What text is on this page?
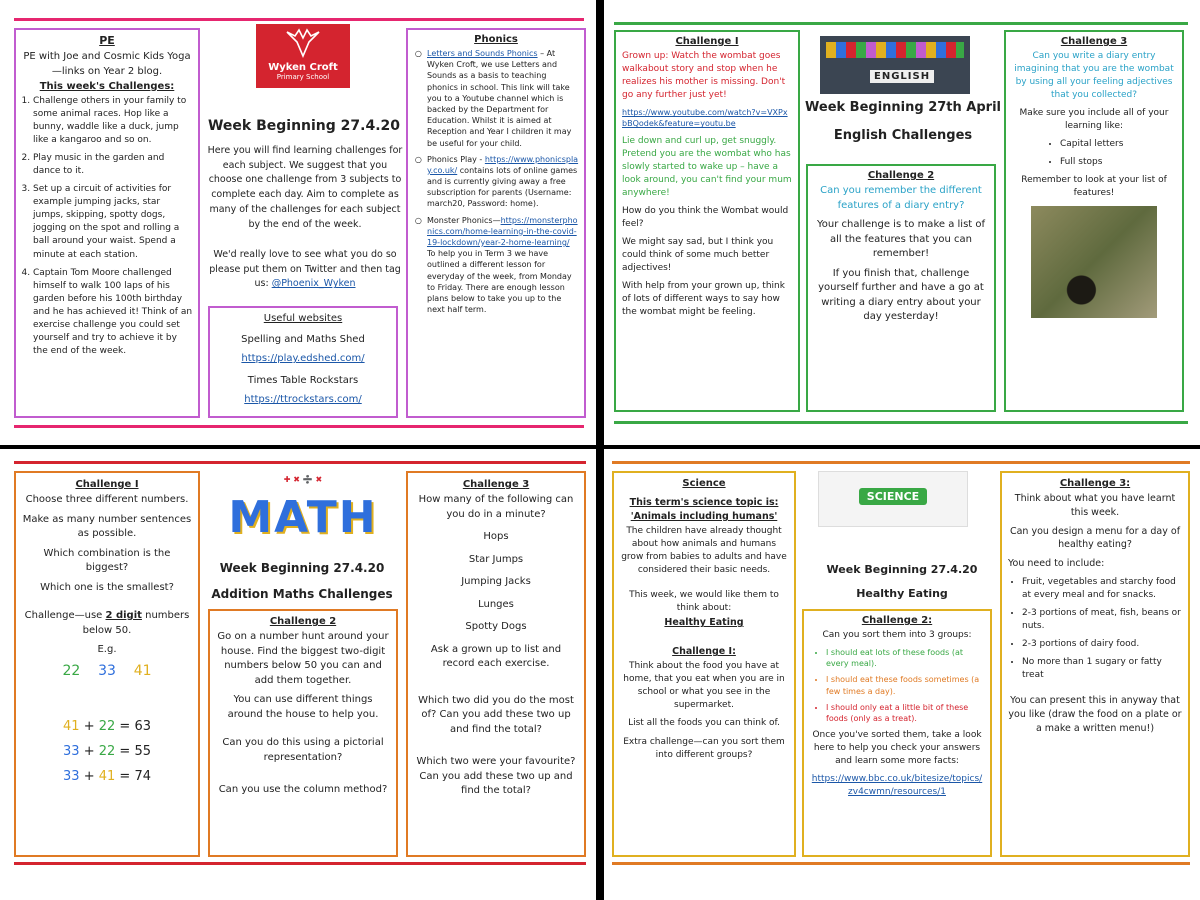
PE
PE with Joe and Cosmic Kids Yoga—links on Year 2 blog.
This week's Challenges:
1. Challenge others in your family to some animal races. Hop like a bunny, waddle like a duck, jump like a kangaroo and so on.
2. Play music in the garden and dance to it.
3. Set up a circuit of activities for example jumping jacks, star jumps, skipping, spotty dogs, jogging on the spot and rolling a ball around your waist. Spend a minute at each station.
4. Captain Tom Moore challenged himself to walk 100 laps of his garden before his 100th birthday and he has achieved it! Think of an exercise challenge you could set yourself and try to achieve it by the end of the week.
Wyken Croft
Primary School
Week Beginning 27.4.20
Here you will find learning challenges for each subject. We suggest that you choose one challenge from 3 subjects to complete each day. Aim to complete as many of the challenges for each subject by the end of the week.
We'd really love to see what you do so please put them on Twitter and then tag us: @Phoenix_Wyken
Useful websites
Spelling and Maths Shed
https://play.edshed.com/
Times Table Rockstars
https://ttrockstars.com/
Phonics
○ Letters and Sounds Phonics – At Wyken Croft, we use Letters and Sounds as a basis to teaching phonics in school. This link will take you to a Youtube channel which is backed by the Department for Education. Whilst it is aimed at Reception and Year I children it may be useful for your child.
○ Phonics Play - https://www.phonicsplay.co.uk/ contains lots of online games and is currently giving away a free subscription for parents (Username: march20, Password: home).
○ Monster Phonics—https://monsterphonics.com/home-learning-in-the-covid-19-lockdown/year-2-home-learning/ To help you in Term 3 we have outlined a different lesson for everyday of the week, from Monday to Friday. There are enough lesson plans below to take you up to the next half term.
Challenge I

Grown up: Watch the wombat goes walkabout story and stop when he realizes his mother is missing. Don't go any further just yet!

https://www.youtube.com/watch?v=VXPxbBQodek&feature=youtu.be

Lie down and curl up, get snuggly. Pretend you are the wombat who has slowly started to wake up – have a look around, you can't find your mum anywhere!

How do you think the Wombat would feel?

We might say sad, but I think you could think of some much better adjectives!

With help from your grown up, think of lots of different ways to say how the wombat might be feeling.

ENGLISH
Week Beginning 27th April
English Challenges
Challenge 2

Can you remember the different features of a diary entry?

Your challenge is to make a list of all the features that you can remember!

If you finish that, challenge yourself further and have a go at writing a diary entry about your day yesterday!

Challenge 3

Can you write a diary entry imagining that you are the wombat by using all your feeling adjectives that you collected?

Make sure you include all of your learning like:

• Capital letters
• Full stops

Remember to look at your list of features!

Challenge I

Choose three different numbers.

Make as many number sentences as possible.

Which combination is the biggest?

Which one is the smallest?

Challenge—use 2 digit numbers below 50.

E.g.

22 33 41

41 + 22 = 63

33 + 22 = 55

33 + 41 = 74

✚ ✖ ➗ ✖
MATH
Week Beginning 27.4.20
Addition Maths Challenges
Challenge 2

Go on a number hunt around your house. Find the biggest two-digit numbers below 50 you can and add them together.

You can use different things around the house to help you.

Can you do this using a pictorial representation?

Can you use the column method?

Challenge 3

How many of the following can you do in a minute?

Hops

Star Jumps

Jumping Jacks

Lunges

Spotty Dogs

Ask a grown up to list and record each exercise.

Which two did you do the most of? Can you add these two up and find the total?

Which two were your favourite? Can you add these two up and find the total?

Science
This term's science topic is:
'Animals including humans'

The children have already thought about how animals and humans grow from babies to adults and have considered their basic needs.

This week, we would like them to think about:

Healthy Eating
Challenge I:

Think about the food you have at home, that you eat when you are in school or what you see in the supermarket.

List all the foods you can think of.

Extra challenge—can you sort them into different groups?

SCIENCE
Week Beginning 27.4.20
Healthy Eating
Challenge 2:

Can you sort them into 3 groups:

• I should eat lots of these foods (at every meal).
• I should eat these foods sometimes (a few times a day).
• I should only eat a little bit of these foods (only as a treat).

Once you've sorted them, take a look here to help you check your answers and learn some more facts:

https://www.bbc.co.uk/bitesize/topics/zv4cwmn/resources/1

Challenge 3:

Think about what you have learnt this week.

Can you design a menu for a day of healthy eating?

You need to include:

• Fruit, vegetables and starchy food at every meal and for snacks.
• 2-3 portions of meat, fish, beans or nuts.
• 2-3 portions of dairy food.
• No more than 1 sugary or fatty treat

You can present this in anyway that you like (draw the food on a plate or a make a written menu!)
